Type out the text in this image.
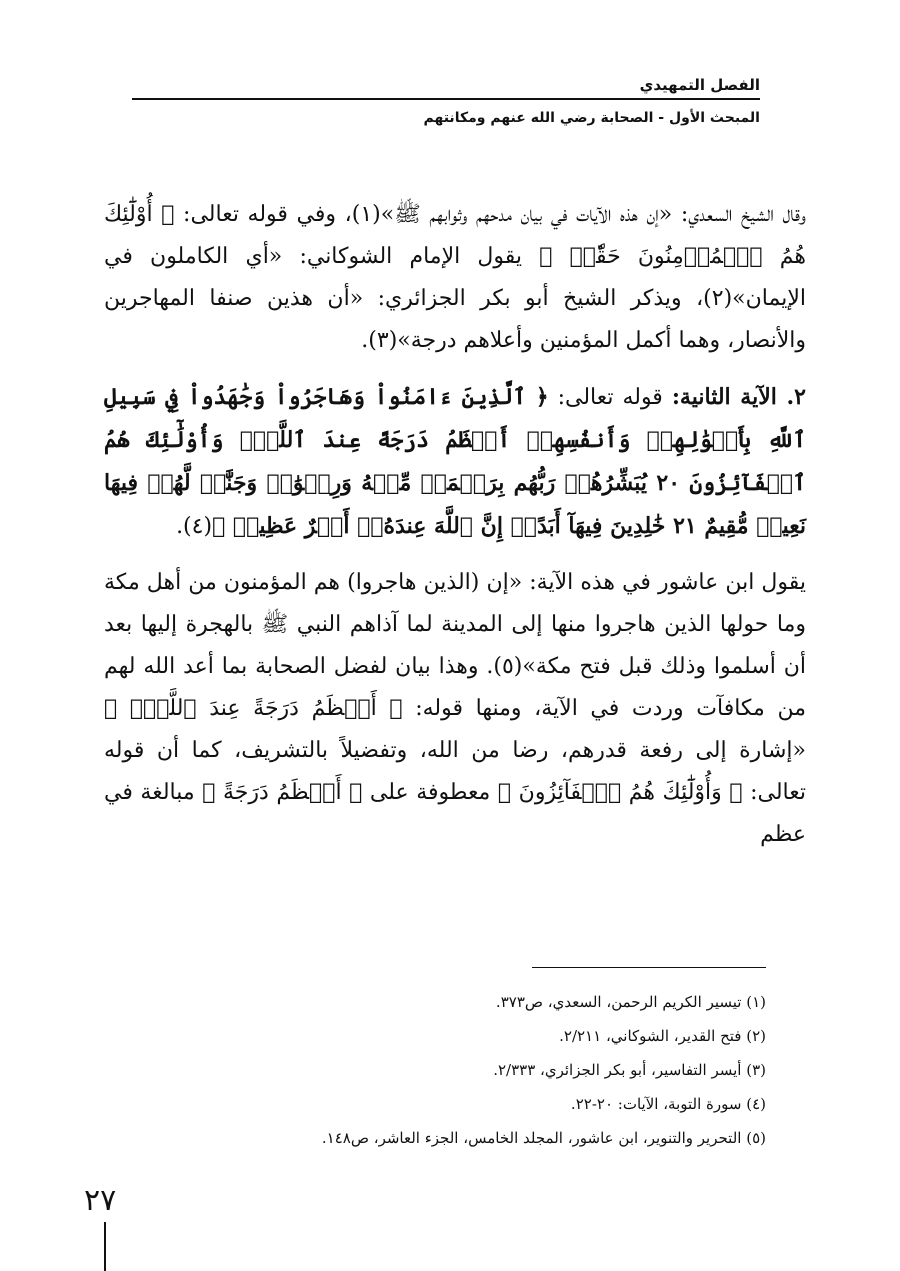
الفصل التمهيدي
المبحث الأول - الصحابة رضي الله عنهم ومكانتهم

وقال الشيخ السعدي: «إن هذه الآيات في بيان مدحهم وثوابهم ﷺ»(١)، وفي قوله تعالى: ﴿ أُوْلَٰٓئِكَ هُمُ ٱلۡمُؤۡمِنُونَ حَقّٗاۚ ﴾ يقول الإمام الشوكاني: «أي الكاملون في الإيمان»(٢)، ويذكر الشيخ أبو بكر الجزائري: «أن هذين صنفا المهاجرين والأنصار، وهما أكمل المؤمنين وأعلاهم درجة»(٣).

٢. الآية الثانية: قوله تعالى: ﴿ ٱلَّذِينَ ءَامَنُواْ وَهَاجَرُواْ وَجَٰهَدُواْ فِي سَبِيلِ ٱللَّهِ بِأَمۡوَٰلِهِمۡ وَأَنفُسِهِمۡ أَعۡظَمُ دَرَجَةً عِندَ ٱللَّهِۚ وَأُوْلَٰٓئِكَ هُمُ ٱلۡفَآئِزُونَ ٢٠ يُبَشِّرُهُمۡ رَبُّهُم بِرَحۡمَةٖ مِّنۡهُ وَرِضۡوَٰنٖ وَجَنَّٰتٖ لَّهُمۡ فِيهَا نَعِيمٞ مُّقِيمٌ ٢١ خَٰلِدِينَ فِيهَآ أَبَدًاۚ إِنَّ ٱللَّهَ عِندَهُۥٓ أَجۡرٌ عَظِيمٞ ﴾(٤).

يقول ابن عاشور في هذه الآية: «إن (الذين هاجروا) هم المؤمنون من أهل مكة وما حولها الذين هاجروا منها إلى المدينة لما آذاهم النبي ﷺ بالهجرة إليها بعد أن أسلموا وذلك قبل فتح مكة»(٥). وهذا بيان لفضل الصحابة بما أعد الله لهم من مكافآت وردت في الآية، ومنها قوله: ﴿ أَعۡظَمُ دَرَجَةً عِندَ ٱللَّهِۚ ﴾ «إشارة إلى رفعة قدرهم، رضا من الله، وتفضيلاً بالتشريف، كما أن قوله تعالى: ﴿ وَأُوْلَٰٓئِكَ هُمُ ٱلۡفَآئِزُونَ ﴾ معطوفة على ﴿ أَعۡظَمُ دَرَجَةً ﴾ مبالغة في عظم

(١) تيسير الكريم الرحمن، السعدي، ص٣٧٣.

(٢) فتح القدير، الشوكاني، ٢/٢١١.

(٣) أيسر التفاسير، أبو بكر الجزائري، ٢/٣٣٣.

(٤) سورة التوبة، الآيات: ٢٠-٢٢.

(٥) التحرير والتنوير، ابن عاشور، المجلد الخامس، الجزء العاشر، ص١٤٨.

٢٧
